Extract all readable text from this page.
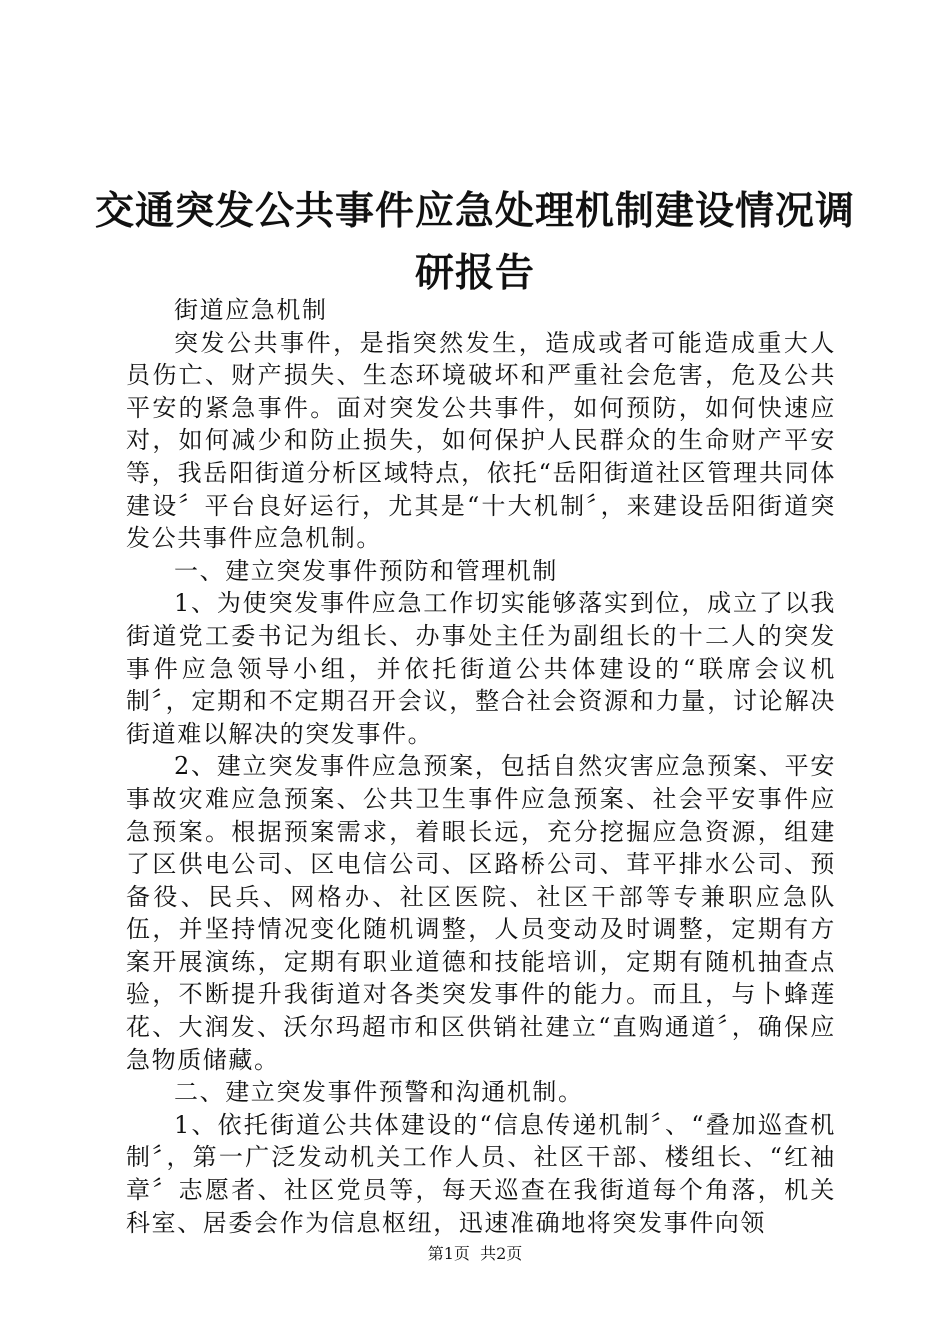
交通突发公共事件应急处理机制建设情况调研报告

街道应急机制

突发公共事件，是指突然发生，造成或者可能造成重大人员伤亡、财产损失、生态环境破坏和严重社会危害，危及公共平安的紧急事件。面对突发公共事件，如何预防，如何快速应对，如何减少和防止损失，如何保护人民群众的生命财产平安等，我岳阳街道分析区域特点，依托“岳阳街道社区管理共同体建设〞平台良好运行，尤其是“十大机制〞，来建设岳阳街道突发公共事件应急机制。

一、建立突发事件预防和管理机制

1、为使突发事件应急工作切实能够落实到位，成立了以我街道党工委书记为组长、办事处主任为副组长的十二人的突发事件应急领导小组，并依托街道公共体建设的“联席会议机制〞，定期和不定期召开会议，整合社会资源和力量，讨论解决街道难以解决的突发事件。

2、建立突发事件应急预案，包括自然灾害应急预案、平安事故灾难应急预案、公共卫生事件应急预案、社会平安事件应急预案。根据预案需求，着眼长远，充分挖掘应急资源，组建了区供电公司、区电信公司、区路桥公司、茸平排水公司、预备役、民兵、网格办、社区医院、社区干部等专兼职应急队伍，并坚持情况变化随机调整，人员变动及时调整，定期有方案开展演练，定期有职业道德和技能培训，定期有随机抽查点验，不断提升我街道对各类突发事件的能力。而且，与卜蜂莲花、大润发、沃尔玛超市和区供销社建立“直购通道〞，确保应急物质储藏。

二、建立突发事件预警和沟通机制。

1、依托街道公共体建设的“信息传递机制〞、“叠加巡查机制〞，第一广泛发动机关工作人员、社区干部、楼组长、“红袖章〞志愿者、社区党员等，每天巡查在我街道每个角落，机关科室、居委会作为信息枢纽，迅速准确地将突发事件向领

第1页 共2页
